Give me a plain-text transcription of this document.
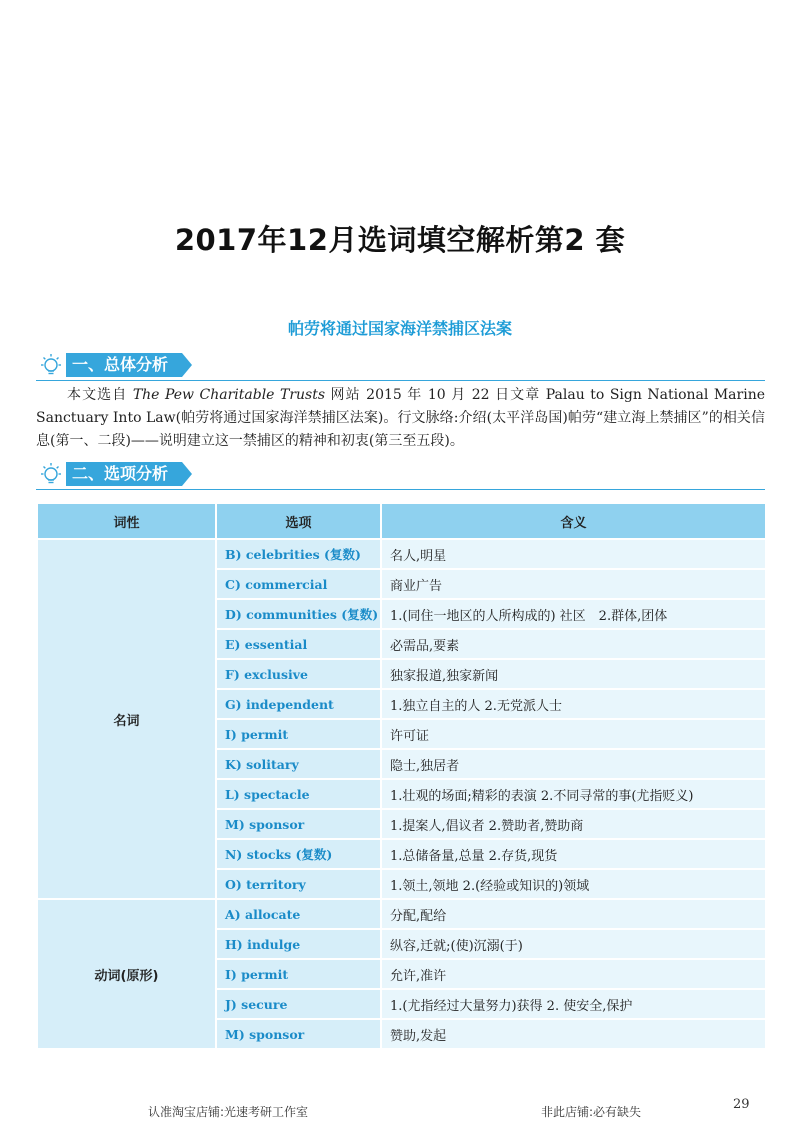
2017年12月选词填空解析第2 套
帕劳将通过国家海洋禁捕区法案
一、总体分析
本文选自 The Pew Charitable Trusts 网站 2015 年 10 月 22 日文章 Palau to Sign National Marine Sanctuary Into Law(帕劳将通过国家海洋禁捕区法案)。行文脉络:介绍(太平洋岛国)帕劳“建立海上禁捕区”的相关信息(第一、二段)——说明建立这一禁捕区的精神和初衷(第三至五段)。
二、选项分析
词性	选项	含义
名词	B) celebrities (复数)	名人,明星
	C) commercial	商业广告
	D) communities (复数)	1.(同住一地区的人所构成的) 社区　2.群体,团体
	E) essential	必需品,要素
	F) exclusive	独家报道,独家新闻
	G) independent	1.独立自主的人 2.无党派人士
	I) permit	许可证
	K) solitary	隐士,独居者
	L) spectacle	1.壮观的场面;精彩的表演 2.不同寻常的事(尤指贬义)
	M) sponsor	1.提案人,倡议者 2.赞助者,赞助商
	N) stocks (复数)	1.总储备量,总量 2.存货,现货
	O) territory	1.领土,领地 2.(经验或知识的)领域
动词(原形)	A) allocate	分配,配给
	H) indulge	纵容,迁就;(使)沉溺(于)
	I) permit	允许,准许
	J) secure	1.(尤指经过大量努力)获得 2. 使安全,保护
	M) sponsor	赞助,发起
认准淘宝店铺:光速考研工作室	非此店铺:必有缺失	29
